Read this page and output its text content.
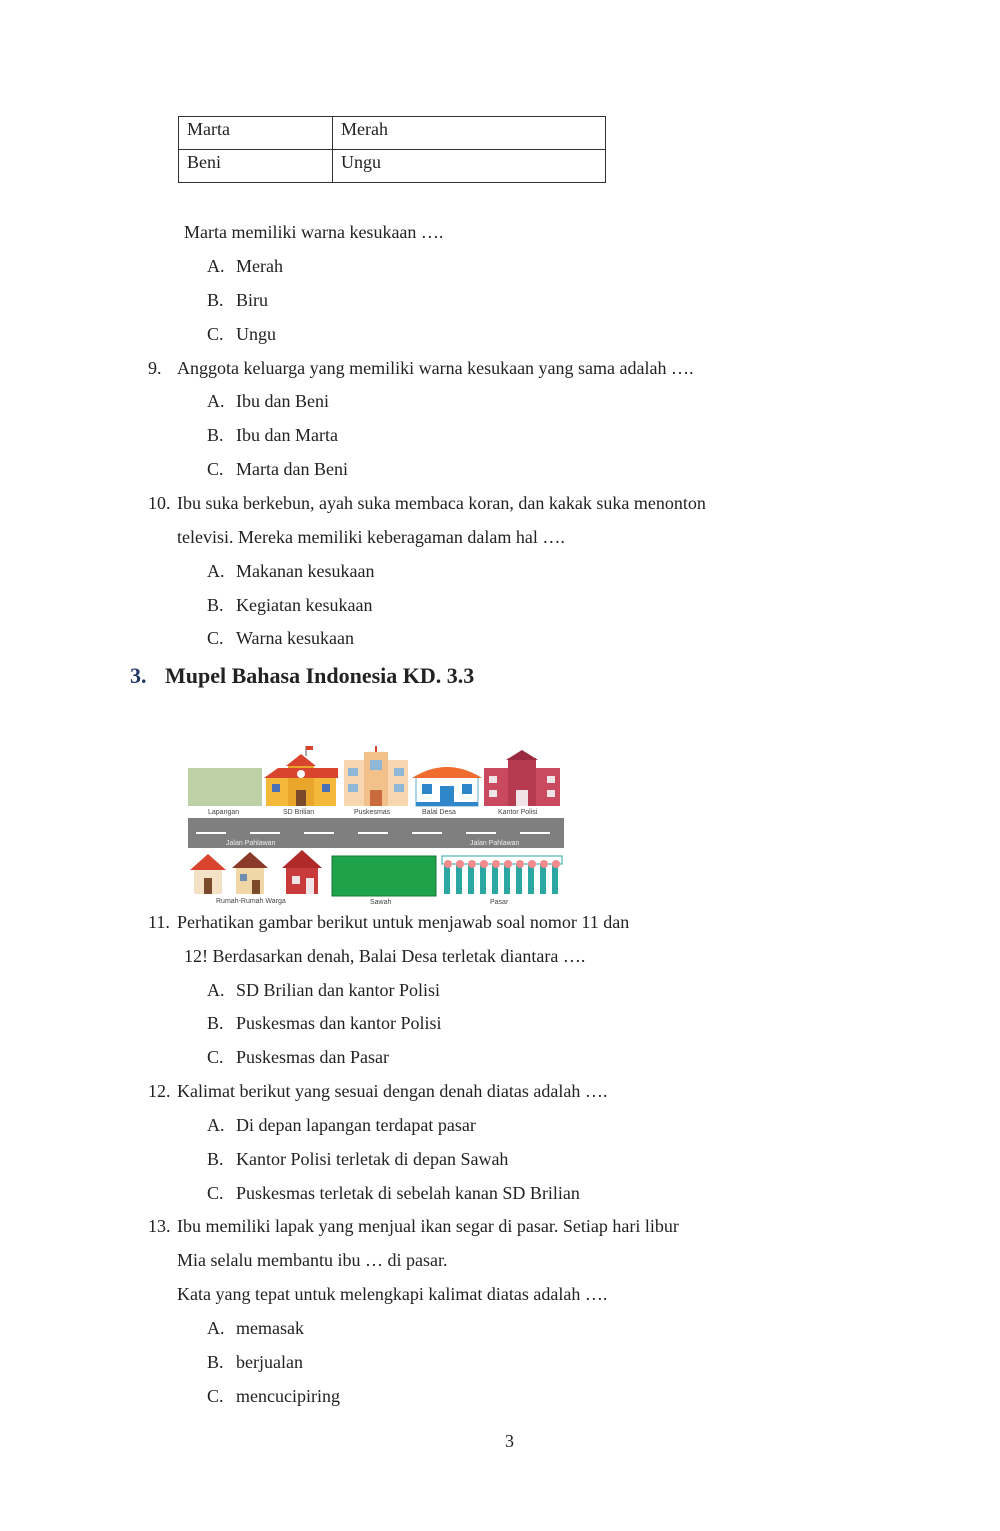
Marta	Merah
Beni	Ungu
Marta memiliki warna kesukaan ….
A. Merah
B. Biru
C. Ungu
9. Anggota keluarga yang memiliki warna kesukaan yang sama adalah ….
A. Ibu dan Beni
B. Ibu dan Marta
C. Marta dan Beni
10. Ibu suka berkebun, ayah suka membaca koran, dan kakak suka menonton
televisi. Mereka memiliki keberagaman dalam hal ….
A. Makanan kesukaan
B. Kegiatan kesukaan
C. Warna kesukaan
3. Mupel Bahasa Indonesia KD. 3.3
Lapangan	SD Brilian	Puskesmas	Balai Desa	Kantor Polisi
Jalan Pahlawan	Jalan Pahlawan
Rumah-Rumah Warga	Sawah	Pasar
11. Perhatikan gambar berikut untuk menjawab soal nomor 11 dan
12! Berdasarkan denah, Balai Desa terletak diantara ….
A. SD Brilian dan kantor Polisi
B. Puskesmas dan kantor Polisi
C. Puskesmas dan Pasar
12. Kalimat berikut yang sesuai dengan denah diatas adalah ….
A. Di depan lapangan terdapat pasar
B. Kantor Polisi terletak di depan Sawah
C. Puskesmas terletak di sebelah kanan SD Brilian
13. Ibu memiliki lapak yang menjual ikan segar di pasar. Setiap hari libur
Mia selalu membantu ibu … di pasar.
Kata yang tepat untuk melengkapi kalimat diatas adalah ….
A. memasak
B. berjualan
C. mencucipiring
3
